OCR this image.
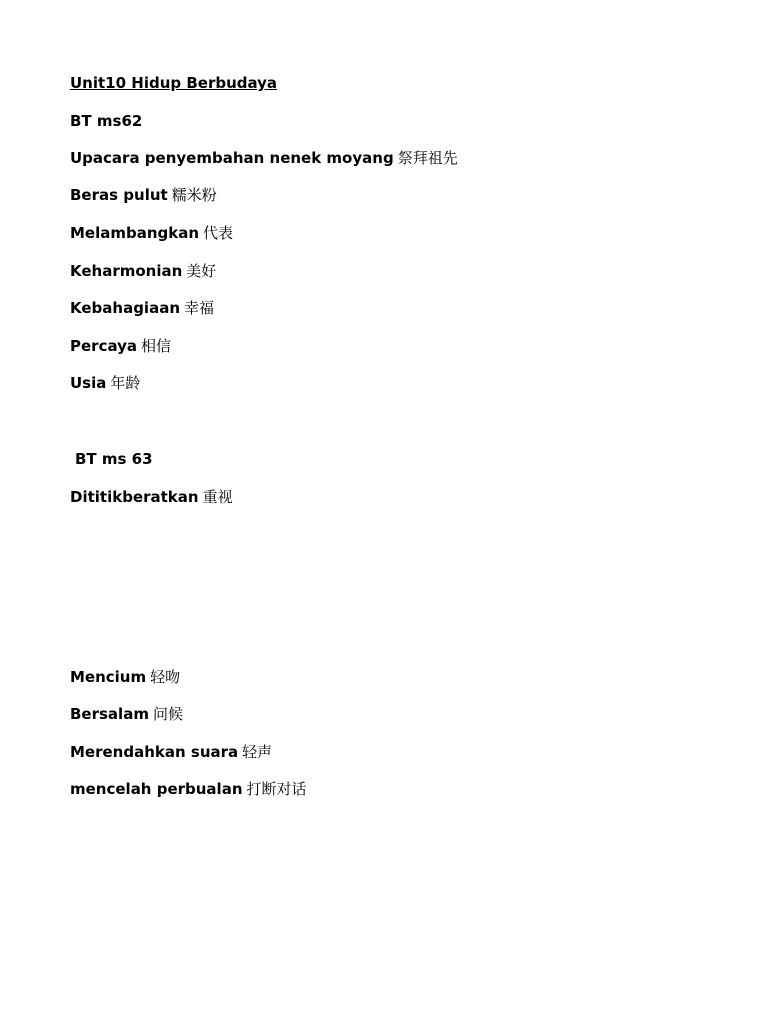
Unit10 Hidup Berbudaya
BT ms62
Upacara penyembahan nenek moyang 祭拜祖先
Beras pulut 糯米粉
Melambangkan 代表
Keharmonian 美好
Kebahagiaan 幸福
Percaya 相信
Usia 年龄
BT ms 63
Dititikberatkan 重视
Mencium 轻吻
Bersalam 问候
Merendahkan suara 轻声
mencelah perbualan 打断对话
